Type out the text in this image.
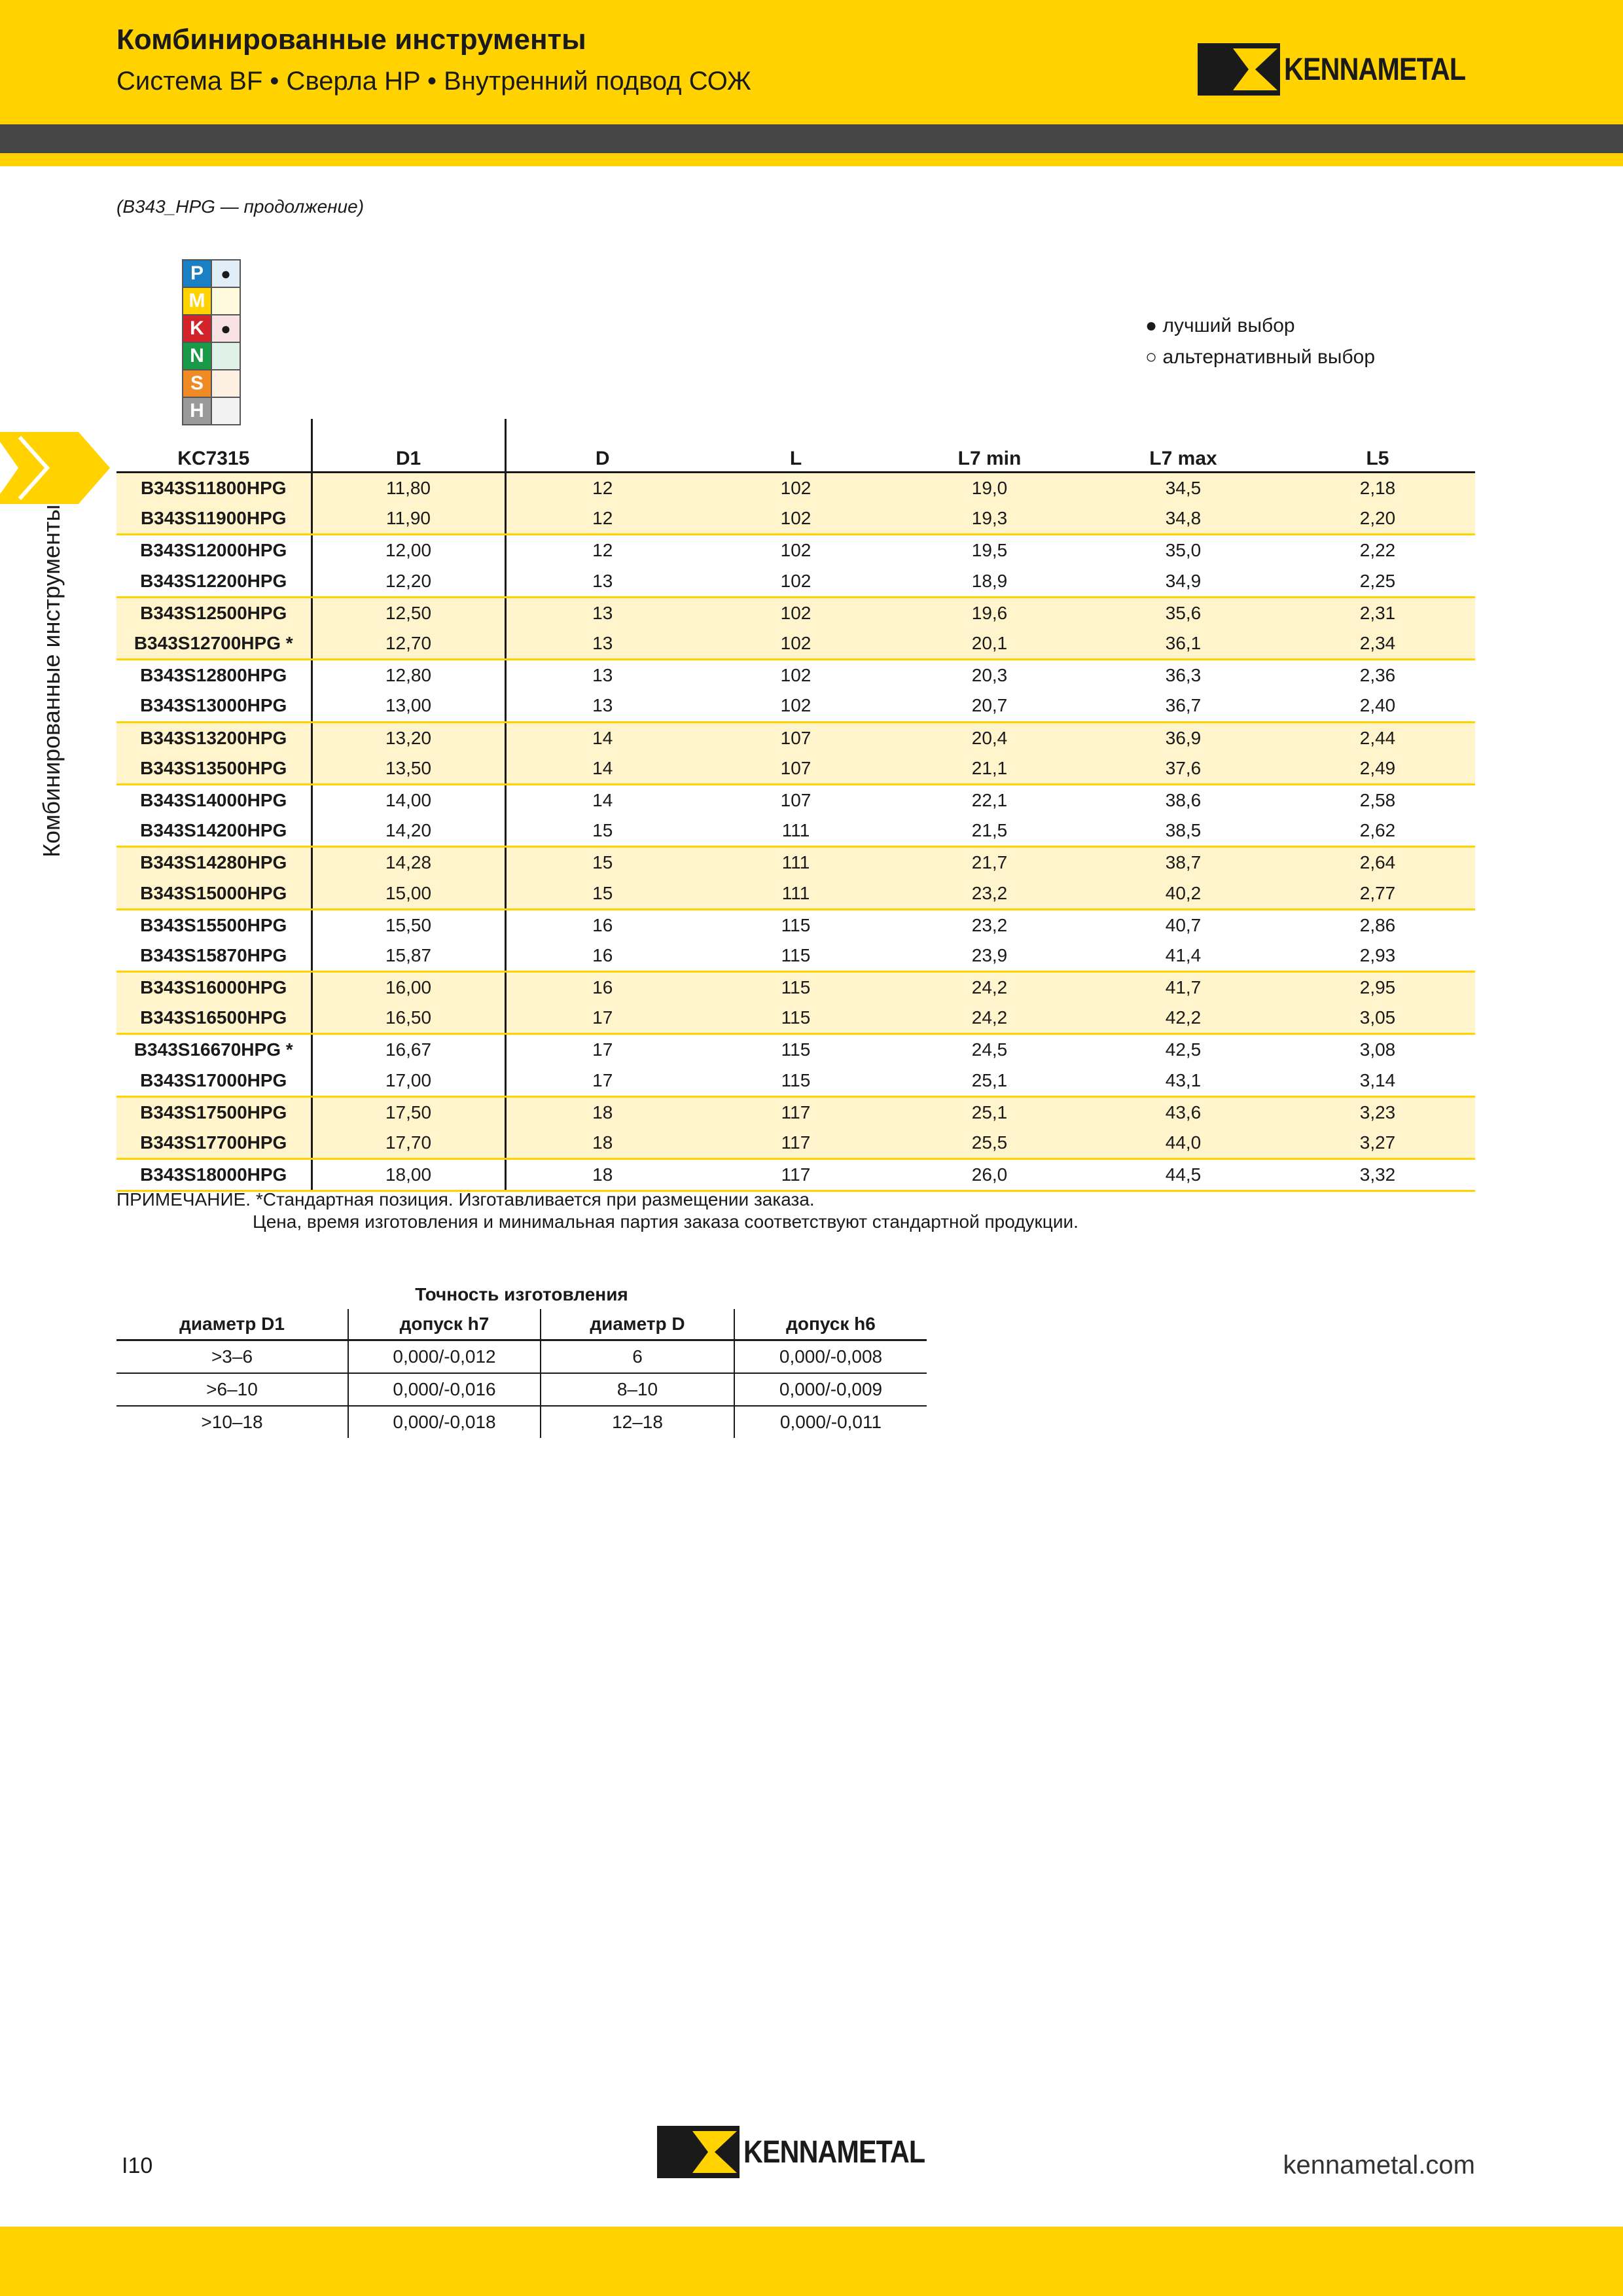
Комбинированные инструменты
Система BF • Сверла HP • Внутренний подвод СОЖ	KENNAMETAL
(B343_HPG — продолжение)
Комбинированные инструменты
P	●
M	
K	●
N	
S	
H	
● лучший выбор
○ альтернативный выбор
KC7315	D1	D	L	L7 min	L7 max	L5
B343S11800HPG	11,80	12	102	19,0	34,5	2,18
B343S11900HPG	11,90	12	102	19,3	34,8	2,20
B343S12000HPG	12,00	12	102	19,5	35,0	2,22
B343S12200HPG	12,20	13	102	18,9	34,9	2,25
B343S12500HPG	12,50	13	102	19,6	35,6	2,31
B343S12700HPG *	12,70	13	102	20,1	36,1	2,34
B343S12800HPG	12,80	13	102	20,3	36,3	2,36
B343S13000HPG	13,00	13	102	20,7	36,7	2,40
B343S13200HPG	13,20	14	107	20,4	36,9	2,44
B343S13500HPG	13,50	14	107	21,1	37,6	2,49
B343S14000HPG	14,00	14	107	22,1	38,6	2,58
B343S14200HPG	14,20	15	111	21,5	38,5	2,62
B343S14280HPG	14,28	15	111	21,7	38,7	2,64
B343S15000HPG	15,00	15	111	23,2	40,2	2,77
B343S15500HPG	15,50	16	115	23,2	40,7	2,86
B343S15870HPG	15,87	16	115	23,9	41,4	2,93
B343S16000HPG	16,00	16	115	24,2	41,7	2,95
B343S16500HPG	16,50	17	115	24,2	42,2	3,05
B343S16670HPG *	16,67	17	115	24,5	42,5	3,08
B343S17000HPG	17,00	17	115	25,1	43,1	3,14
B343S17500HPG	17,50	18	117	25,1	43,6	3,23
B343S17700HPG	17,70	18	117	25,5	44,0	3,27
B343S18000HPG	18,00	18	117	26,0	44,5	3,32
ПРИМЕЧАНИЕ. *Стандартная позиция. Изготавливается при размещении заказа.
Цена, время изготовления и минимальная партия заказа соответствуют стандартной продукции.
Точность изготовления
диаметр D1	допуск h7	диаметр D	допуск h6
>3–6	0,000/-0,012	6	0,000/-0,008
>6–10	0,000/-0,016	8–10	0,000/-0,009
>10–18	0,000/-0,018	12–18	0,000/-0,011
I10	KENNAMETAL	kennametal.com
